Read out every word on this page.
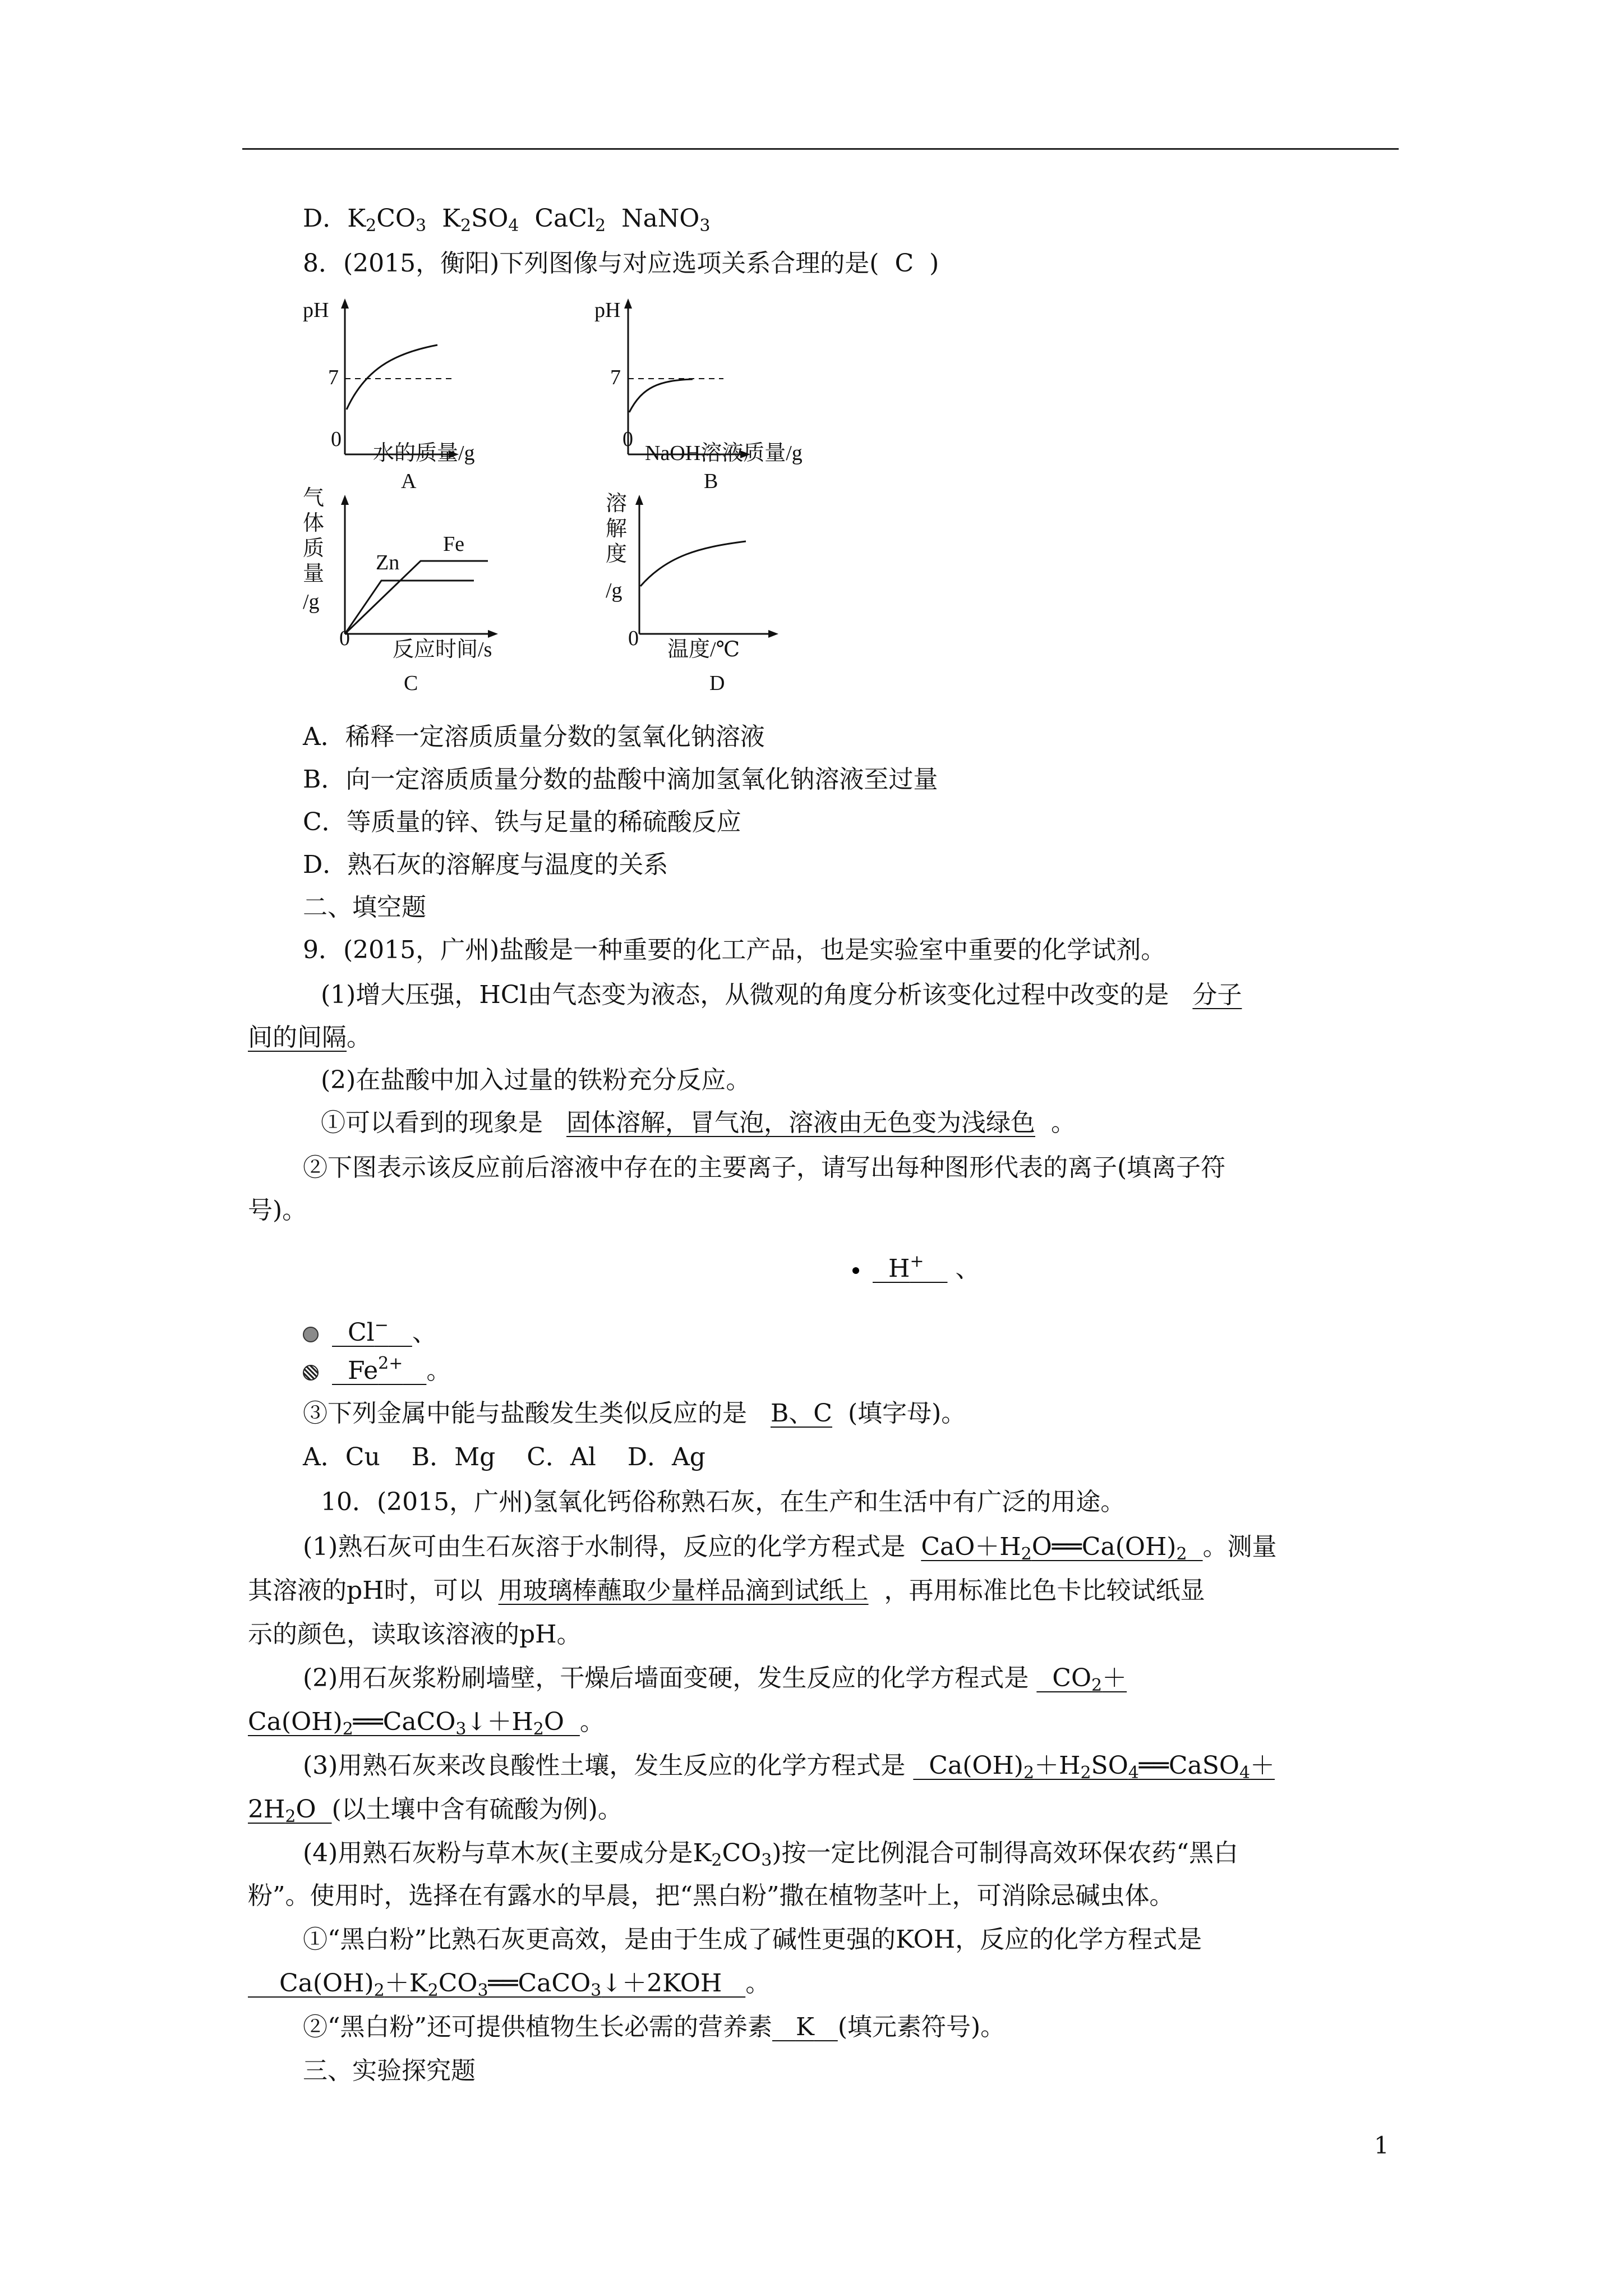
D．$K_2CO_3$ $K_2SO_4$ CaCl$_2$ NaNO$_3$
8．(2015，衡阳)下列图像与对应选项关系合理的是( C )
pH
7
0
水的质量/g
A
pH
7
0
NaOH溶液质量/g
B
气
体
质
量
/g
0
Zn
Fe
反应时间/s
C
溶
解
度
/g
0 温度/℃
D
A．稀释一定溶质质量分数的氢氧化钠溶液
B．向一定溶质质量分数的盐酸中滴加氢氧化钠溶液至过量
C．等质量的锌、铁与足量的稀硫酸反应
D．熟石灰的溶解度与温度的关系
二、填空题
9．(2015，广州)盐酸是一种重要的化工产品，也是实验室中重要的化学试剂。
(1)增大压强，HCl由气态变为液态，从微观的角度分析该变化过程中改变的是 分子
间的间隔。
(2)在盐酸中加入过量的铁粉充分反应。
①可以看到的现象是 固体溶解，冒气泡，溶液由无色变为浅绿色 。
②下图表示该反应前后溶液中存在的主要离子，请写出每种图形代表的离子(填离子符
号)。
H+ 、
Cl− 、
$Fe^{2+}$ 。
③下列金属中能与盐酸发生类似反应的是 B、C (填字母)。
A．Cu B．Mg C．Al D．Ag
10．(2015，广州)氢氧化钙俗称熟石灰，在生产和生活中有广泛的用途。
(1)熟石灰可由生石灰溶于水制得，反应的化学方程式是 $CaO+H_2O══Ca(OH)_2$ 。测量
其溶液的pH时，可以 用玻璃棒蘸取少量样品滴到试纸上 ，再用标准比色卡比较试纸显
示的颜色，读取该溶液的pH。
(2)用石灰浆粉刷墙壁，干燥后墙面变硬，发生反应的化学方程式是   $CO_2+$
$Ca(OH)_2══CaCO_3↓+H_2O$  。
(3)用熟石灰来改良酸性土壤，发生反应的化学方程式是   $Ca(OH)_2+H_2SO_4══CaSO_4+$
$2H_2O$  (以土壤中含有硫酸为例)。
(4)用熟石灰粉与草木灰(主要成分是$K_2CO_3$)按一定比例混合可制得高效环保农药“黑白
粉”。使用时，选择在有露水的早晨，把“黑白粉”撒在植物茎叶上，可消除忌碱虫体。
①“黑白粉”比熟石灰更高效，是由于生成了碱性更强的KOH，反应的化学方程式是
$Ca(OH)_2+K_2CO_3══CaCO_3↓+2KOH$   。
②“黑白粉”还可提供植物生长必需的营养素 K (填元素符号)。
三、实验探究题
1
